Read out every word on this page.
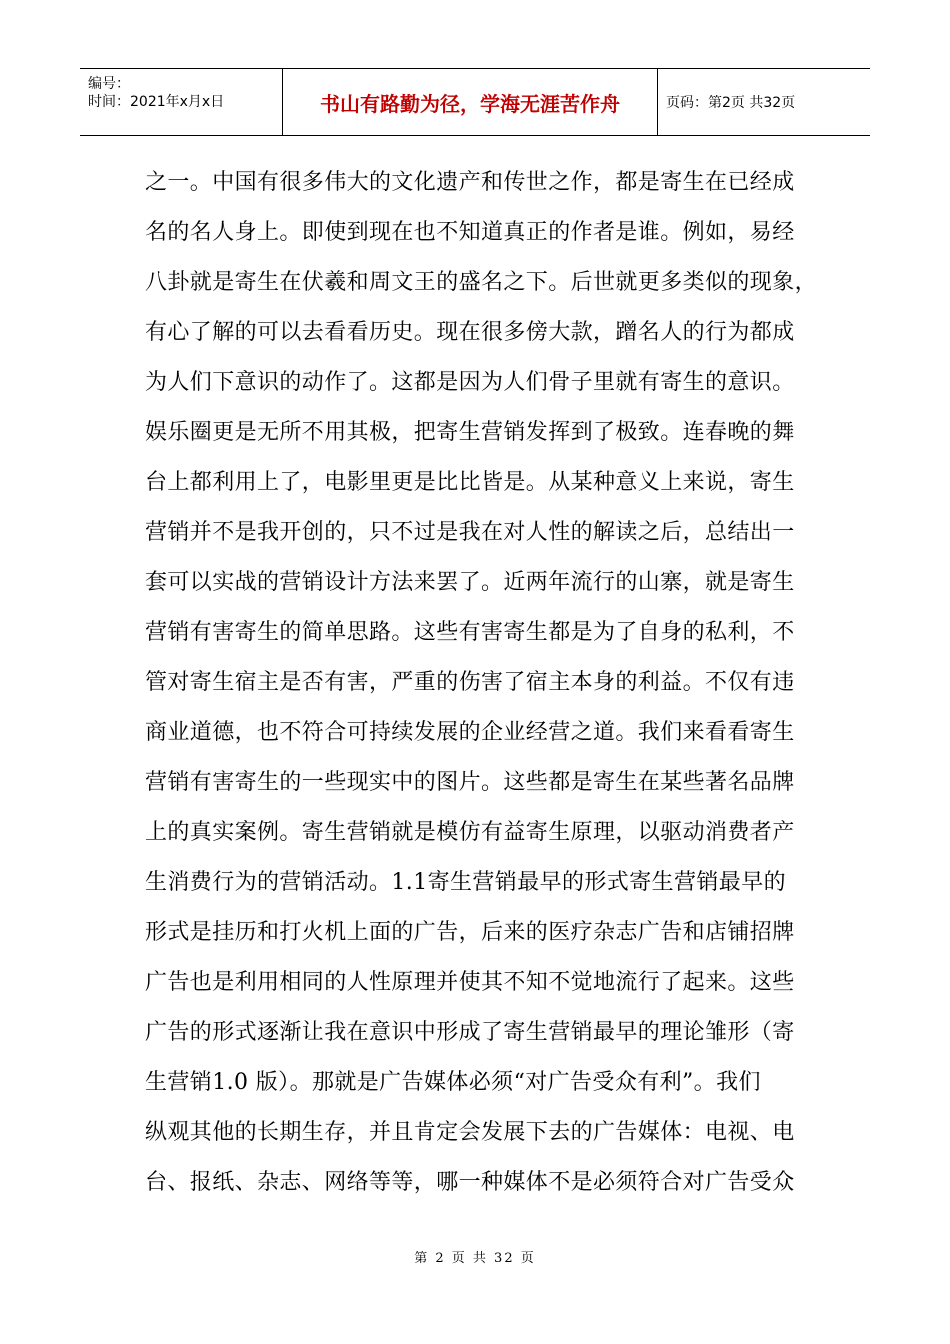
编号：
时间：2021年x月x日	书山有路勤为径，学海无涯苦作舟	页码：第2页 共32页
之一。中国有很多伟大的文化遗产和传世之作，都是寄生在已经成
名的名人身上。即使到现在也不知道真正的作者是谁。例如，易经
八卦就是寄生在伏羲和周文王的盛名之下。后世就更多类似的现象，
有心了解的可以去看看历史。现在很多傍大款，蹭名人的行为都成
为人们下意识的动作了。这都是因为人们骨子里就有寄生的意识。
娱乐圈更是无所不用其极，把寄生营销发挥到了极致。连春晚的舞
台上都利用上了，电影里更是比比皆是。从某种意义上来说，寄生
营销并不是我开创的，只不过是我在对人性的解读之后，总结出一
套可以实战的营销设计方法来罢了。近两年流行的山寨，就是寄生
营销有害寄生的简单思路。这些有害寄生都是为了自身的私利，不
管对寄生宿主是否有害，严重的伤害了宿主本身的利益。不仅有违
商业道德，也不符合可持续发展的企业经营之道。我们来看看寄生
营销有害寄生的一些现实中的图片。这些都是寄生在某些著名品牌
上的真实案例。寄生营销就是模仿有益寄生原理，以驱动消费者产
生消费行为的营销活动。1.1寄生营销最早的形式寄生营销最早的
形式是挂历和打火机上面的广告，后来的医疗杂志广告和店铺招牌
广告也是利用相同的人性原理并使其不知不觉地流行了起来。这些
广告的形式逐渐让我在意识中形成了寄生营销最早的理论雏形（寄
生营销1.0 版）。那就是广告媒体必须“对广告受众有利”。我们
纵观其他的长期生存，并且肯定会发展下去的广告媒体：电视、电
台、报纸、杂志、网络等等，哪一种媒体不是必须符合对广告受众
第 2 页 共 32 页
